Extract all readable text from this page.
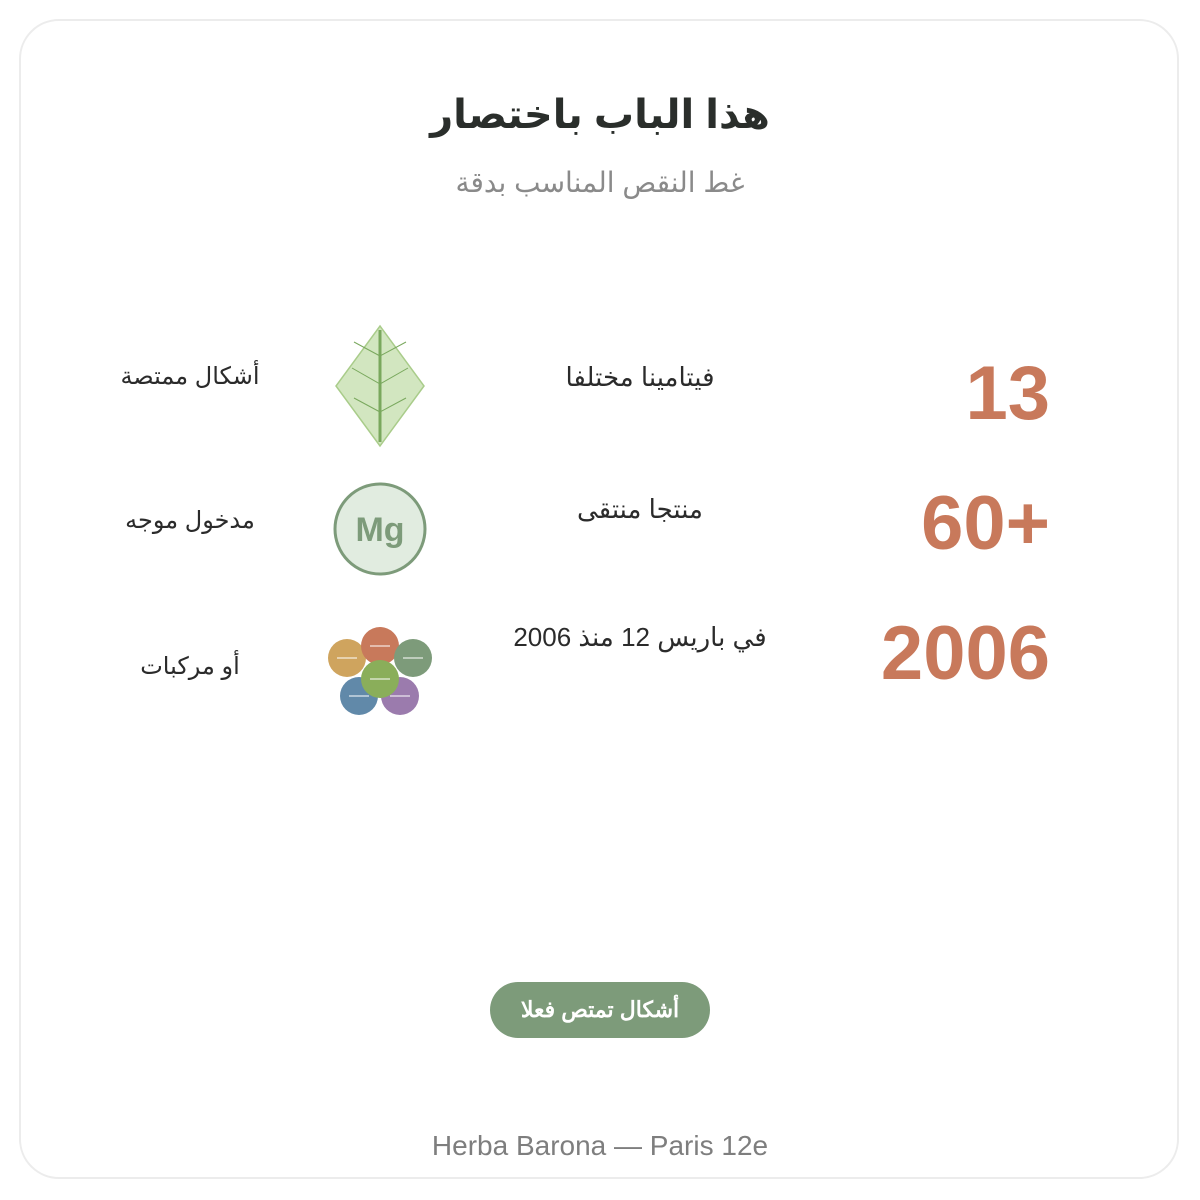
هذا الباب باختصار
غط النقص المناسب بدقة
13
فيتامينا مختلفا
60+
منتجا منتقى
2006
في باريس 12 منذ 2006
Mg
أشكال ممتصة
مدخول موجه
أو مركبات
أشكال تمتص فعلا
Herba Barona — Paris 12e
